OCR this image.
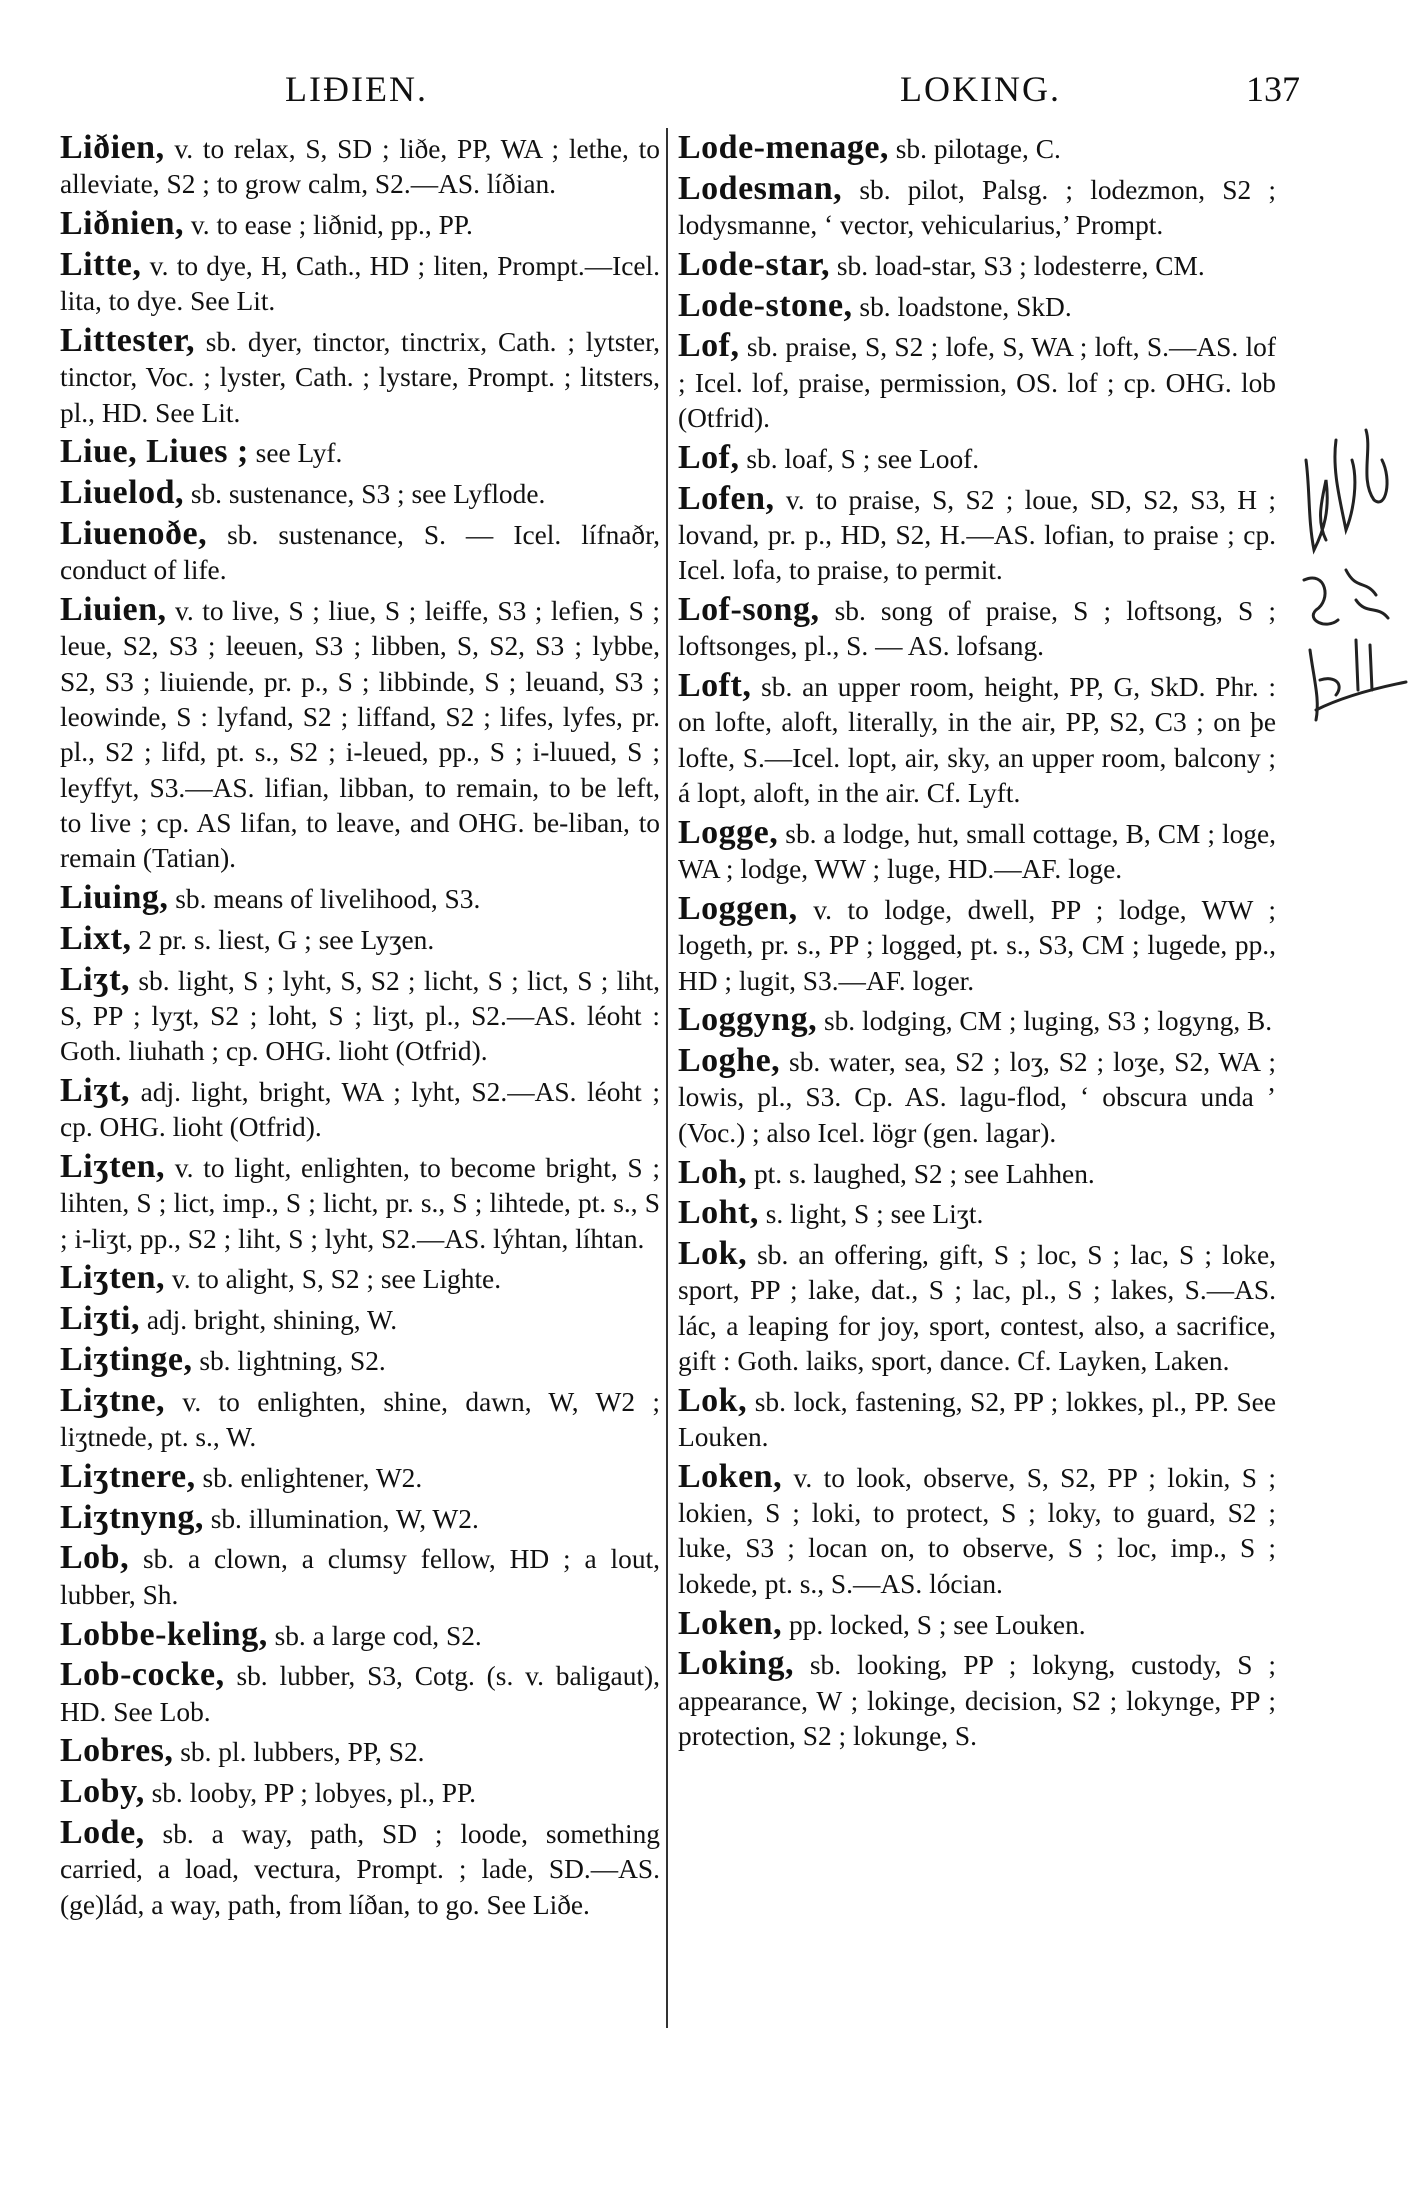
LIÐIEN.	LOKING.	137

Liðien, v. to relax, S, SD ; liðe, PP, WA ; lethe, to alleviate, S2 ; to grow calm, S2.—AS. líðian.

Liðnien, v. to ease ; liðnid, pp., PP.

Litte, v. to dye, H, Cath., HD ; liten, Prompt.—Icel. lita, to dye. See Lit.

Littester, sb. dyer, tinctor, tinctrix, Cath. ; lytster, tinctor, Voc. ; lyster, Cath. ; lystare, Prompt. ; litsters, pl., HD. See Lit.

Liue, Liues ; see Lyf.

Liuelod, sb. sustenance, S3 ; see Lyflode.

Liuenoðe, sb. sustenance, S. — Icel. lífnaðr, conduct of life.

Liuien, v. to live, S ; liue, S ; leiffe, S3 ; lefien, S ; leue, S2, S3 ; leeuen, S3 ; libben, S, S2, S3 ; lybbe, S2, S3 ; liuiende, pr. p., S ; libbinde, S ; leuand, S3 ; leowinde, S : lyfand, S2 ; liffand, S2 ; lifes, lyfes, pr. pl., S2 ; lifd, pt. s., S2 ; i-leued, pp., S ; i-luued, S ; leyffyt, S3.—AS. lifian, libban, to remain, to be left, to live ; cp. AS lifan, to leave, and OHG. be-liban, to remain (Tatian).

Liuing, sb. means of livelihood, S3.

Lixt, 2 pr. s. liest, G ; see Lyʒen.

Liʒt, sb. light, S ; lyht, S, S2 ; licht, S ; lict, S ; liht, S, PP ; lyʒt, S2 ; loht, S ; liʒt, pl., S2.—AS. léoht : Goth. liuhath ; cp. OHG. lioht (Otfrid).

Liʒt, adj. light, bright, WA ; lyht, S2.—AS. léoht ; cp. OHG. lioht (Otfrid).

Liʒten, v. to light, enlighten, to become bright, S ; lihten, S ; lict, imp., S ; licht, pr. s., S ; lihtede, pt. s., S ; i-liʒt, pp., S2 ; liht, S ; lyht, S2.—AS. lýhtan, líhtan.

Liʒten, v. to alight, S, S2 ; see Lighte.

Liʒti, adj. bright, shining, W.

Liʒtinge, sb. lightning, S2.

Liʒtne, v. to enlighten, shine, dawn, W, W2 ; liʒtnede, pt. s., W.

Liʒtnere, sb. enlightener, W2.

Liʒtnyng, sb. illumination, W, W2.

Lob, sb. a clown, a clumsy fellow, HD ; a lout, lubber, Sh.

Lobbe-keling, sb. a large cod, S2.

Lob-cocke, sb. lubber, S3, Cotg. (s. v. baligaut), HD. See Lob.

Lobres, sb. pl. lubbers, PP, S2.

Loby, sb. looby, PP ; lobyes, pl., PP.

Lode, sb. a way, path, SD ; loode, something carried, a load, vectura, Prompt. ; lade, SD.—AS. (ge)lád, a way, path, from líðan, to go. See Liðe.

Lode-menage, sb. pilotage, C.

Lodesman, sb. pilot, Palsg. ; lodezmon, S2 ; lodysmanne, ‘ vector, vehicularius,’ Prompt.

Lode-star, sb. load-star, S3 ; lodesterre, CM.

Lode-stone, sb. loadstone, SkD.

Lof, sb. praise, S, S2 ; lofe, S, WA ; loft, S.—AS. lof ; Icel. lof, praise, permission, OS. lof ; cp. OHG. lob (Otfrid).

Lof, sb. loaf, S ; see Loof.

Lofen, v. to praise, S, S2 ; loue, SD, S2, S3, H ; lovand, pr. p., HD, S2, H.—AS. lofian, to praise ; cp. Icel. lofa, to praise, to permit.

Lof-song, sb. song of praise, S ; loftsong, S ; loftsonges, pl., S. — AS. lofsang.

Loft, sb. an upper room, height, PP, G, SkD. Phr. : on lofte, aloft, literally, in the air, PP, S2, C3 ; on þe lofte, S.—Icel. lopt, air, sky, an upper room, balcony ; á lopt, aloft, in the air. Cf. Lyft.

Logge, sb. a lodge, hut, small cottage, B, CM ; loge, WA ; lodge, WW ; luge, HD.—AF. loge.

Loggen, v. to lodge, dwell, PP ; lodge, WW ; logeth, pr. s., PP ; logged, pt. s., S3, CM ; lugede, pp., HD ; lugit, S3.—AF. loger.

Loggyng, sb. lodging, CM ; luging, S3 ; logyng, B.

Loghe, sb. water, sea, S2 ; loʒ, S2 ; loʒe, S2, WA ; lowis, pl., S3. Cp. AS. lagu-flod, ‘ obscura unda ’ (Voc.) ; also Icel. lögr (gen. lagar).

Loh, pt. s. laughed, S2 ; see Lahhen.

Loht, s. light, S ; see Liʒt.

Lok, sb. an offering, gift, S ; loc, S ; lac, S ; loke, sport, PP ; lake, dat., S ; lac, pl., S ; lakes, S.—AS. lác, a leaping for joy, sport, contest, also, a sacrifice, gift : Goth. laiks, sport, dance. Cf. Layken, Laken.

Lok, sb. lock, fastening, S2, PP ; lokkes, pl., PP. See Louken.

Loken, v. to look, observe, S, S2, PP ; lokin, S ; lokien, S ; loki, to protect, S ; loky, to guard, S2 ; luke, S3 ; locan on, to observe, S ; loc, imp., S ; lokede, pt. s., S.—AS. lócian.

Loken, pp. locked, S ; see Louken.

Loking, sb. looking, PP ; lokyng, custody, S ; appearance, W ; lokinge, decision, S2 ; lokynge, PP ; protection, S2 ; lokunge, S.
